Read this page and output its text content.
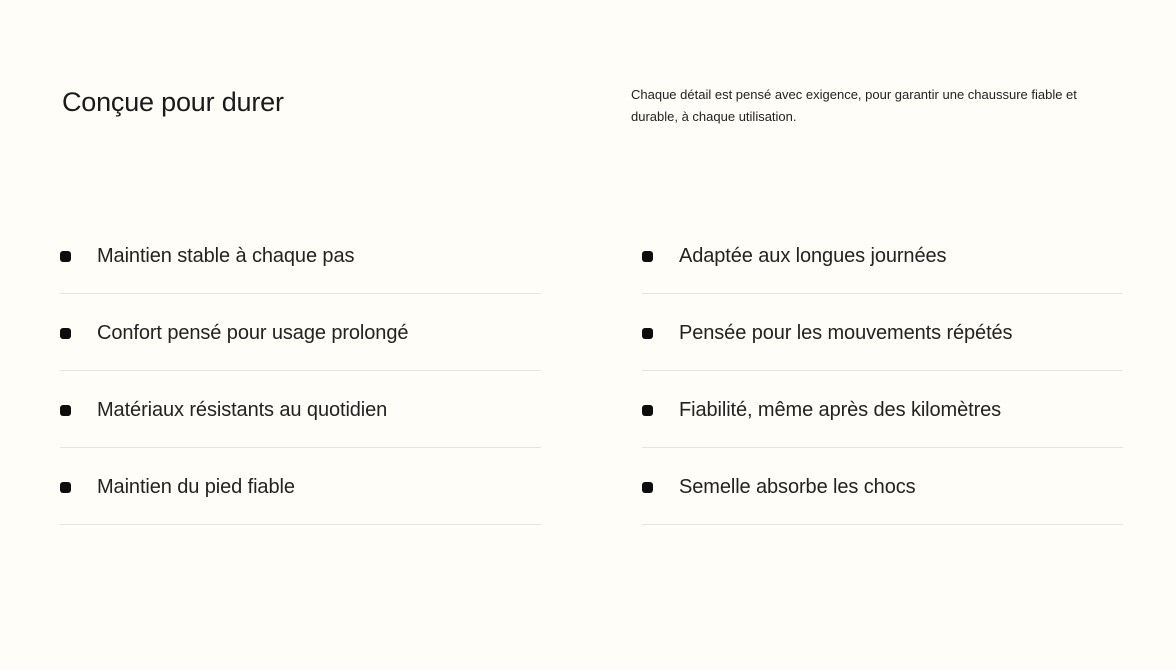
Conçue pour durer	Chaque détail est pensé avec exigence, pour garantir une chaussure fiable et durable, à chaque utilisation.

Maintien stable à chaque pas
Confort pensé pour usage prolongé
Matériaux résistants au quotidien
Maintien du pied fiable
Adaptée aux longues journées
Pensée pour les mouvements répétés
Fiabilité, même après des kilomètres
Semelle absorbe les chocs
